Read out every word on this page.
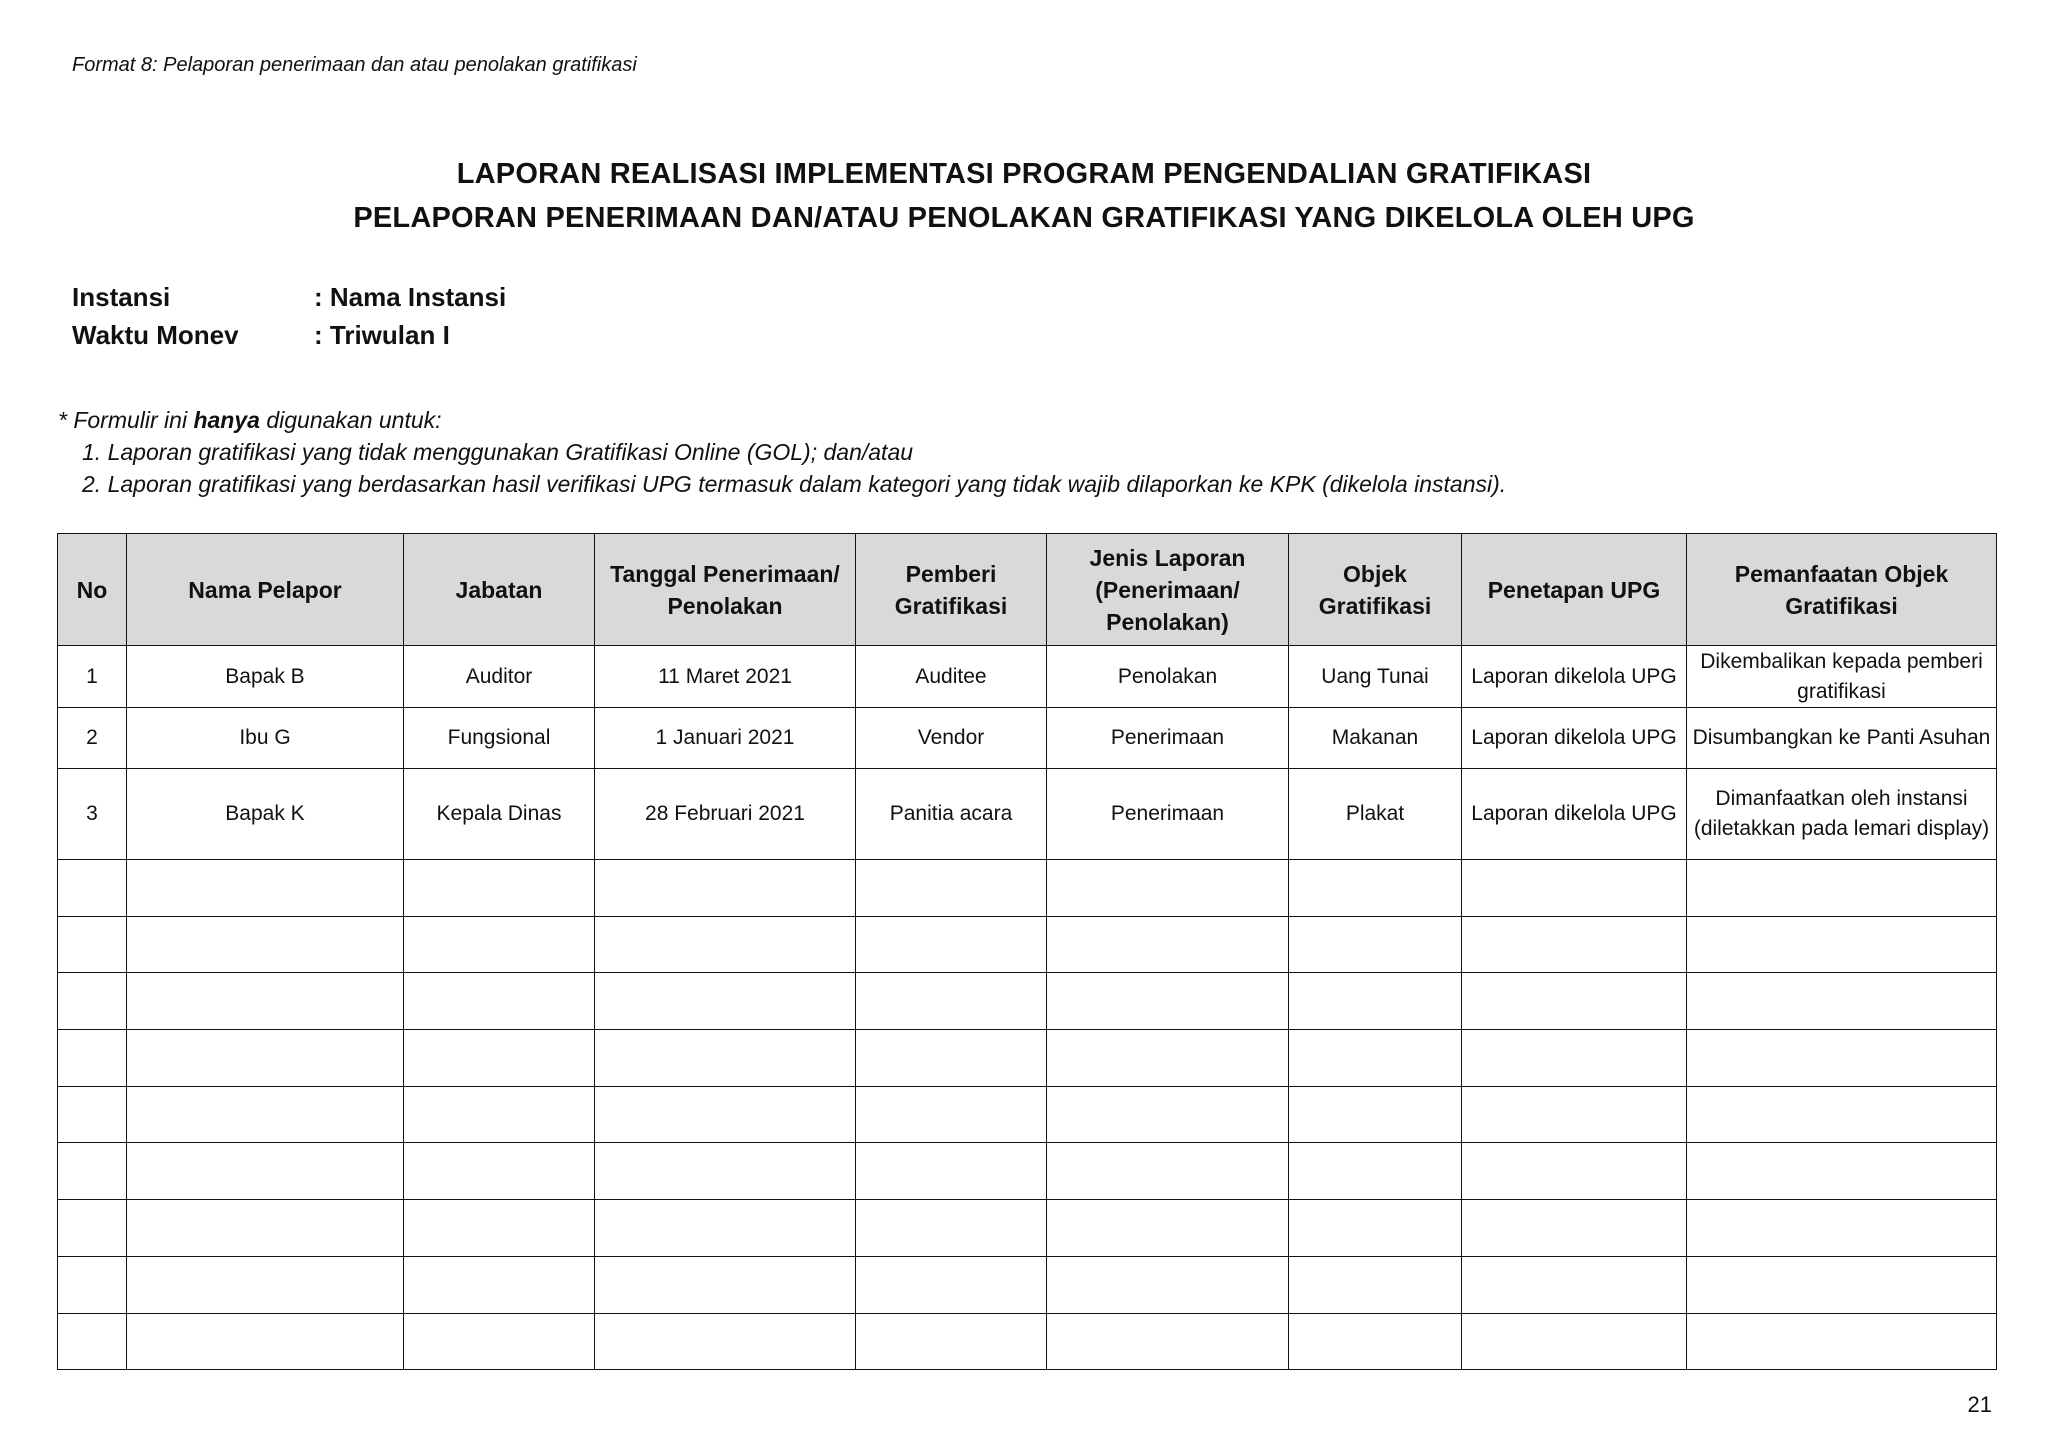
Format 8: Pelaporan penerimaan dan atau penolakan gratifikasi
LAPORAN REALISASI IMPLEMENTASI PROGRAM PENGENDALIAN GRATIFIKASI
PELAPORAN PENERIMAAN DAN/ATAU PENOLAKAN GRATIFIKASI YANG DIKELOLA OLEH UPG
Instansi	: Nama Instansi
Waktu Monev	: Triwulan I
* Formulir ini hanya digunakan untuk:
1. Laporan gratifikasi yang tidak menggunakan Gratifikasi Online (GOL); dan/atau
2. Laporan gratifikasi yang berdasarkan hasil verifikasi UPG termasuk dalam kategori yang tidak wajib dilaporkan ke KPK (dikelola instansi).
No	Nama Pelapor	Jabatan	Tanggal Penerimaan/ Penolakan	Pemberi Gratifikasi	Jenis Laporan (Penerimaan/ Penolakan)	Objek Gratifikasi	Penetapan UPG	Pemanfaatan Objek Gratifikasi
1	Bapak B	Auditor	11 Maret 2021	Auditee	Penolakan	Uang Tunai	Laporan dikelola UPG	Dikembalikan kepada pemberi gratifikasi
2	Ibu G	Fungsional	1 Januari 2021	Vendor	Penerimaan	Makanan	Laporan dikelola UPG	Disumbangkan ke Panti Asuhan
3	Bapak K	Kepala Dinas	28 Februari 2021	Panitia acara	Penerimaan	Plakat	Laporan dikelola UPG	Dimanfaatkan oleh instansi (diletakkan pada lemari display)

21
